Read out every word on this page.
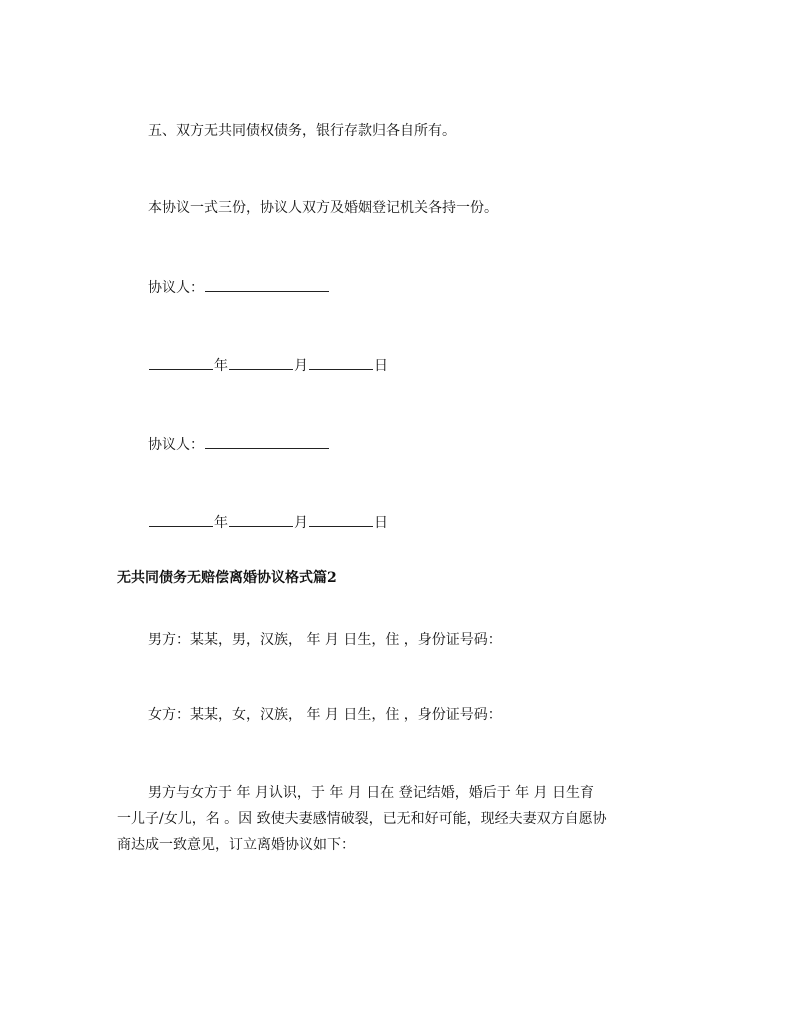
五、双方无共同债权债务，银行存款归各自所有。
本协议一式三份，协议人双方及婚姻登记机关各持一份。
协议人：
年	月	日
协议人：
年	月	日
无共同债务无赔偿离婚协议格式篇2
男方：某某，男，汉族， 年 月 日生，住 ，身份证号码：
女方：某某，女，汉族， 年 月 日生，住 ，身份证号码：
男方与女方于 年 月认识，于 年 月 日在 登记结婚，婚后于 年 月 日生育
一儿子/女儿，名 。因 致使夫妻感情破裂，已无和好可能，现经夫妻双方自愿协
商达成一致意见，订立离婚协议如下：
